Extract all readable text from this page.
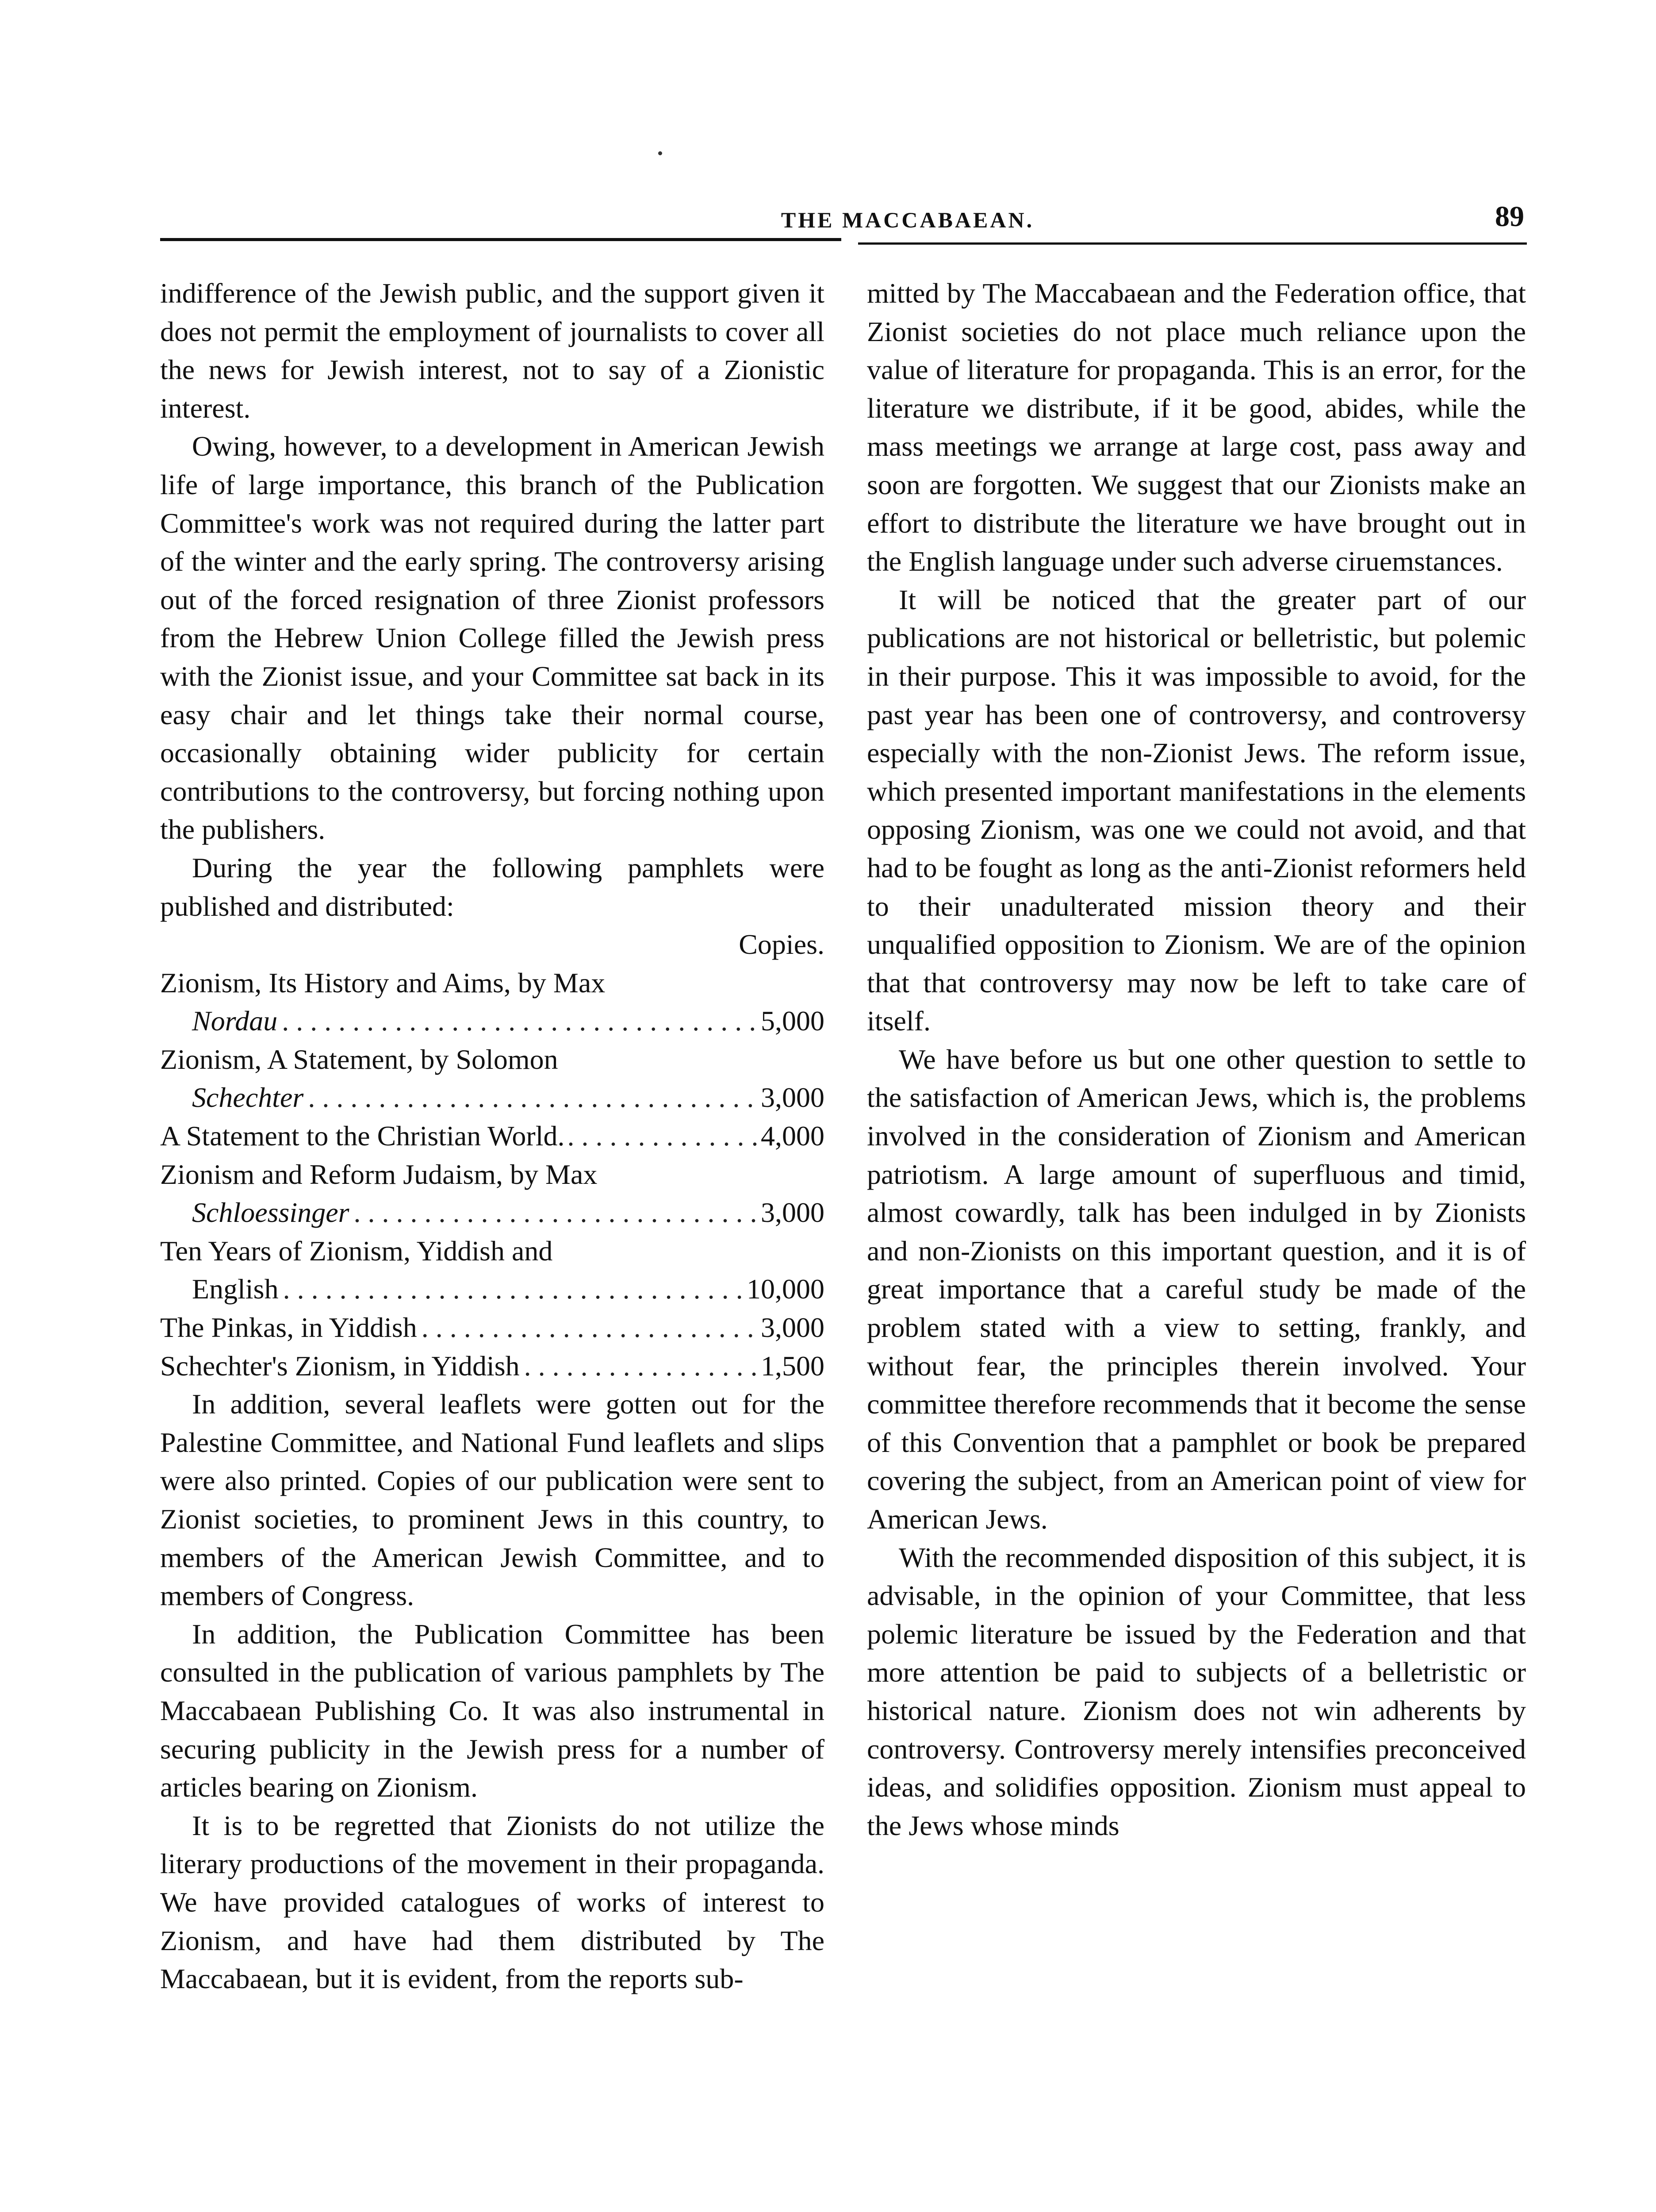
THE MACCABAEAN.	89

indifference of the Jewish public, and the support given it does not permit the employment of journalists to cover all the news for Jewish interest, not to say of a Zionistic interest.

Owing, however, to a development in American Jewish life of large importance, this branch of the Publication Committee's work was not required during the latter part of the winter and the early spring. The controversy arising out of the forced resignation of three Zionist professors from the Hebrew Union College filled the Jewish press with the Zionist issue, and your Committee sat back in its easy chair and let things take their normal course, occasionally obtaining wider publicity for certain contributions to the controversy, but forcing nothing upon the publishers.

During the year the following pamphlets were published and distributed:

Copies.
Zionism, Its History and Aims, by Max
Nordau . . .	5,000
Zionism, A Statement, by Solomon
Schechter . . .	3,000
A Statement to the Christian World. . . .	4,000
Zionism and Reform Judaism, by Max
Schloessinger . . .	3,000
Ten Years of Zionism, Yiddish and
English . . .	10,000
The Pinkas, in Yiddish . . .	3,000
Schechter's Zionism, in Yiddish . . .	1,500

In addition, several leaflets were gotten out for the Palestine Committee, and National Fund leaflets and slips were also printed. Copies of our publication were sent to Zionist societies, to prominent Jews in this country, to members of the American Jewish Committee, and to members of Congress.

In addition, the Publication Committee has been consulted in the publication of various pamphlets by The Maccabaean Publishing Co. It was also instrumental in securing publicity in the Jewish press for a number of articles bearing on Zionism.

It is to be regretted that Zionists do not utilize the literary productions of the movement in their propaganda. We have provided catalogues of works of interest to Zionism, and have had them distributed by The Maccabaean, but it is evident, from the reports sub-

mitted by The Maccabaean and the Federation office, that Zionist societies do not place much reliance upon the value of literature for propaganda. This is an error, for the literature we distribute, if it be good, abides, while the mass meetings we arrange at large cost, pass away and soon are forgotten. We suggest that our Zionists make an effort to distribute the literature we have brought out in the English language under such adverse ciruemstances.

It will be noticed that the greater part of our publications are not historical or belletristic, but polemic in their purpose. This it was impossible to avoid, for the past year has been one of controversy, and controversy especially with the non-Zionist Jews. The reform issue, which presented important manifestations in the elements opposing Zionism, was one we could not avoid, and that had to be fought as long as the anti-Zionist reformers held to their unadulterated mission theory and their unqualified opposition to Zionism. We are of the opinion that that controversy may now be left to take care of itself.

We have before us but one other question to settle to the satisfaction of American Jews, which is, the problems involved in the consideration of Zionism and American patriotism. A large amount of superfluous and timid, almost cowardly, talk has been indulged in by Zionists and non-Zionists on this important question, and it is of great importance that a careful study be made of the problem stated with a view to setting, frankly, and without fear, the principles therein involved. Your committee therefore recommends that it become the sense of this Convention that a pamphlet or book be prepared covering the subject, from an American point of view for American Jews.

With the recommended disposition of this subject, it is advisable, in the opinion of your Committee, that less polemic literature be issued by the Federation and that more attention be paid to subjects of a belletristic or historical nature. Zionism does not win adherents by controversy. Controversy merely intensifies preconceived ideas, and solidifies opposition. Zionism must appeal to the Jews whose minds
